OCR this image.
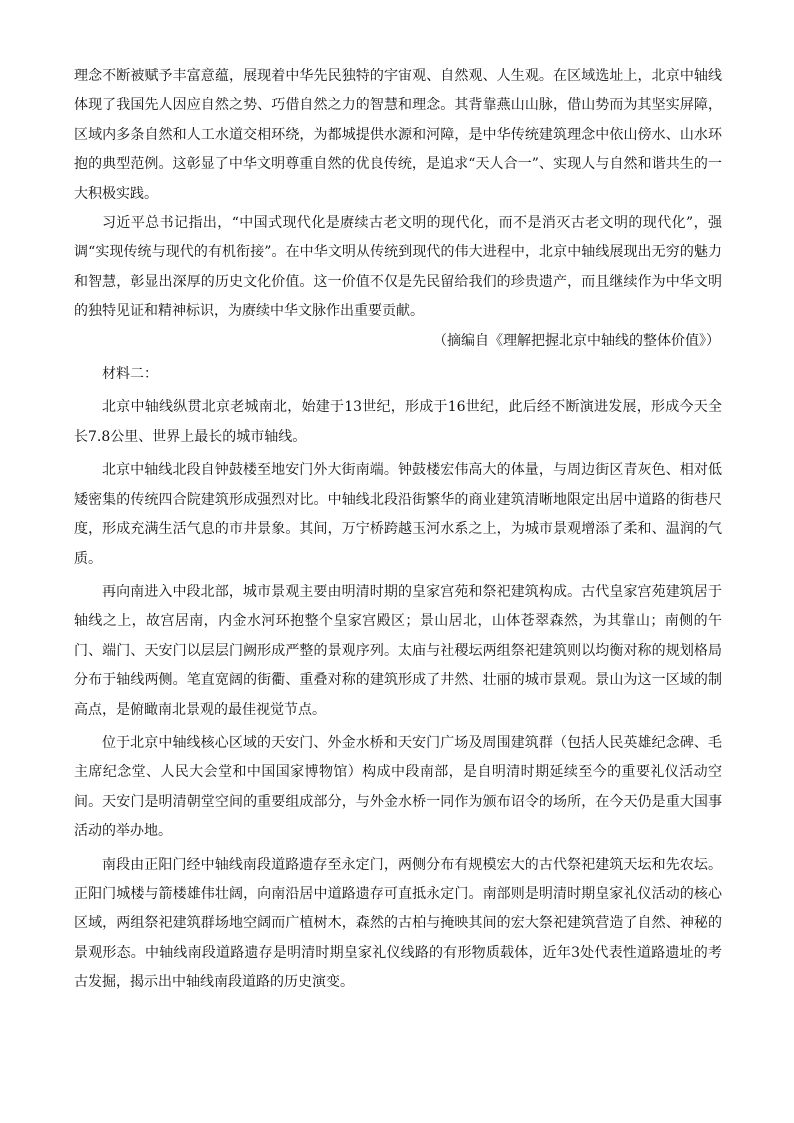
理念不断被赋予丰富意蕴，展现着中华先民独特的宇宙观、自然观、人生观。在区域选址上，北京中轴线体现了我国先人因应自然之势、巧借自然之力的智慧和理念。其背靠燕山山脉，借山势而为其坚实屏障，区域内多条自然和人工水道交相环绕，为都城提供水源和河障，是中华传统建筑理念中依山傍水、山水环抱的典型范例。这彰显了中华文明尊重自然的优良传统，是追求“天人合一”、实现人与自然和谐共生的一大积极实践。

习近平总书记指出，“中国式现代化是赓续古老文明的现代化，而不是消灭古老文明的现代化”，强调“实现传统与现代的有机衔接”。在中华文明从传统到现代的伟大进程中，北京中轴线展现出无穷的魅力和智慧，彰显出深厚的历史文化价值。这一价值不仅是先民留给我们的珍贵遗产，而且继续作为中华文明的独特见证和精神标识，为赓续中华文脉作出重要贡献。

（摘编自《理解把握北京中轴线的整体价值》）

材料二：

北京中轴线纵贯北京老城南北，始建于13世纪，形成于16世纪，此后经不断演进发展，形成今天全长7.8公里、世界上最长的城市轴线。

北京中轴线北段自钟鼓楼至地安门外大街南端。钟鼓楼宏伟高大的体量，与周边街区青灰色、相对低矮密集的传统四合院建筑形成强烈对比。中轴线北段沿街繁华的商业建筑清晰地限定出居中道路的街巷尺度，形成充满生活气息的市井景象。其间，万宁桥跨越玉河水系之上，为城市景观增添了柔和、温润的气质。

再向南进入中段北部，城市景观主要由明清时期的皇家宫苑和祭祀建筑构成。古代皇家宫苑建筑居于轴线之上，故宫居南，内金水河环抱整个皇家宫殿区；景山居北，山体苍翠森然，为其靠山；南侧的午门、端门、天安门以层层门阙形成严整的景观序列。太庙与社稷坛两组祭祀建筑则以均衡对称的规划格局分布于轴线两侧。笔直宽阔的街衢、重叠对称的建筑形成了井然、壮丽的城市景观。景山为这一区域的制高点，是俯瞰南北景观的最佳视觉节点。

位于北京中轴线核心区域的天安门、外金水桥和天安门广场及周围建筑群（包括人民英雄纪念碑、毛主席纪念堂、人民大会堂和中国国家博物馆）构成中段南部，是自明清时期延续至今的重要礼仪活动空间。天安门是明清朝堂空间的重要组成部分，与外金水桥一同作为颁布诏令的场所，在今天仍是重大国事活动的举办地。

南段由正阳门经中轴线南段道路遗存至永定门，两侧分布有规模宏大的古代祭祀建筑天坛和先农坛。正阳门城楼与箭楼雄伟壮阔，向南沿居中道路遗存可直抵永定门。南部则是明清时期皇家礼仪活动的核心区域，两组祭祀建筑群场地空阔而广植树木，森然的古柏与掩映其间的宏大祭祀建筑营造了自然、神秘的景观形态。中轴线南段道路遗存是明清时期皇家礼仪线路的有形物质载体，近年3处代表性道路遗址的考古发掘，揭示出中轴线南段道路的历史演变。
